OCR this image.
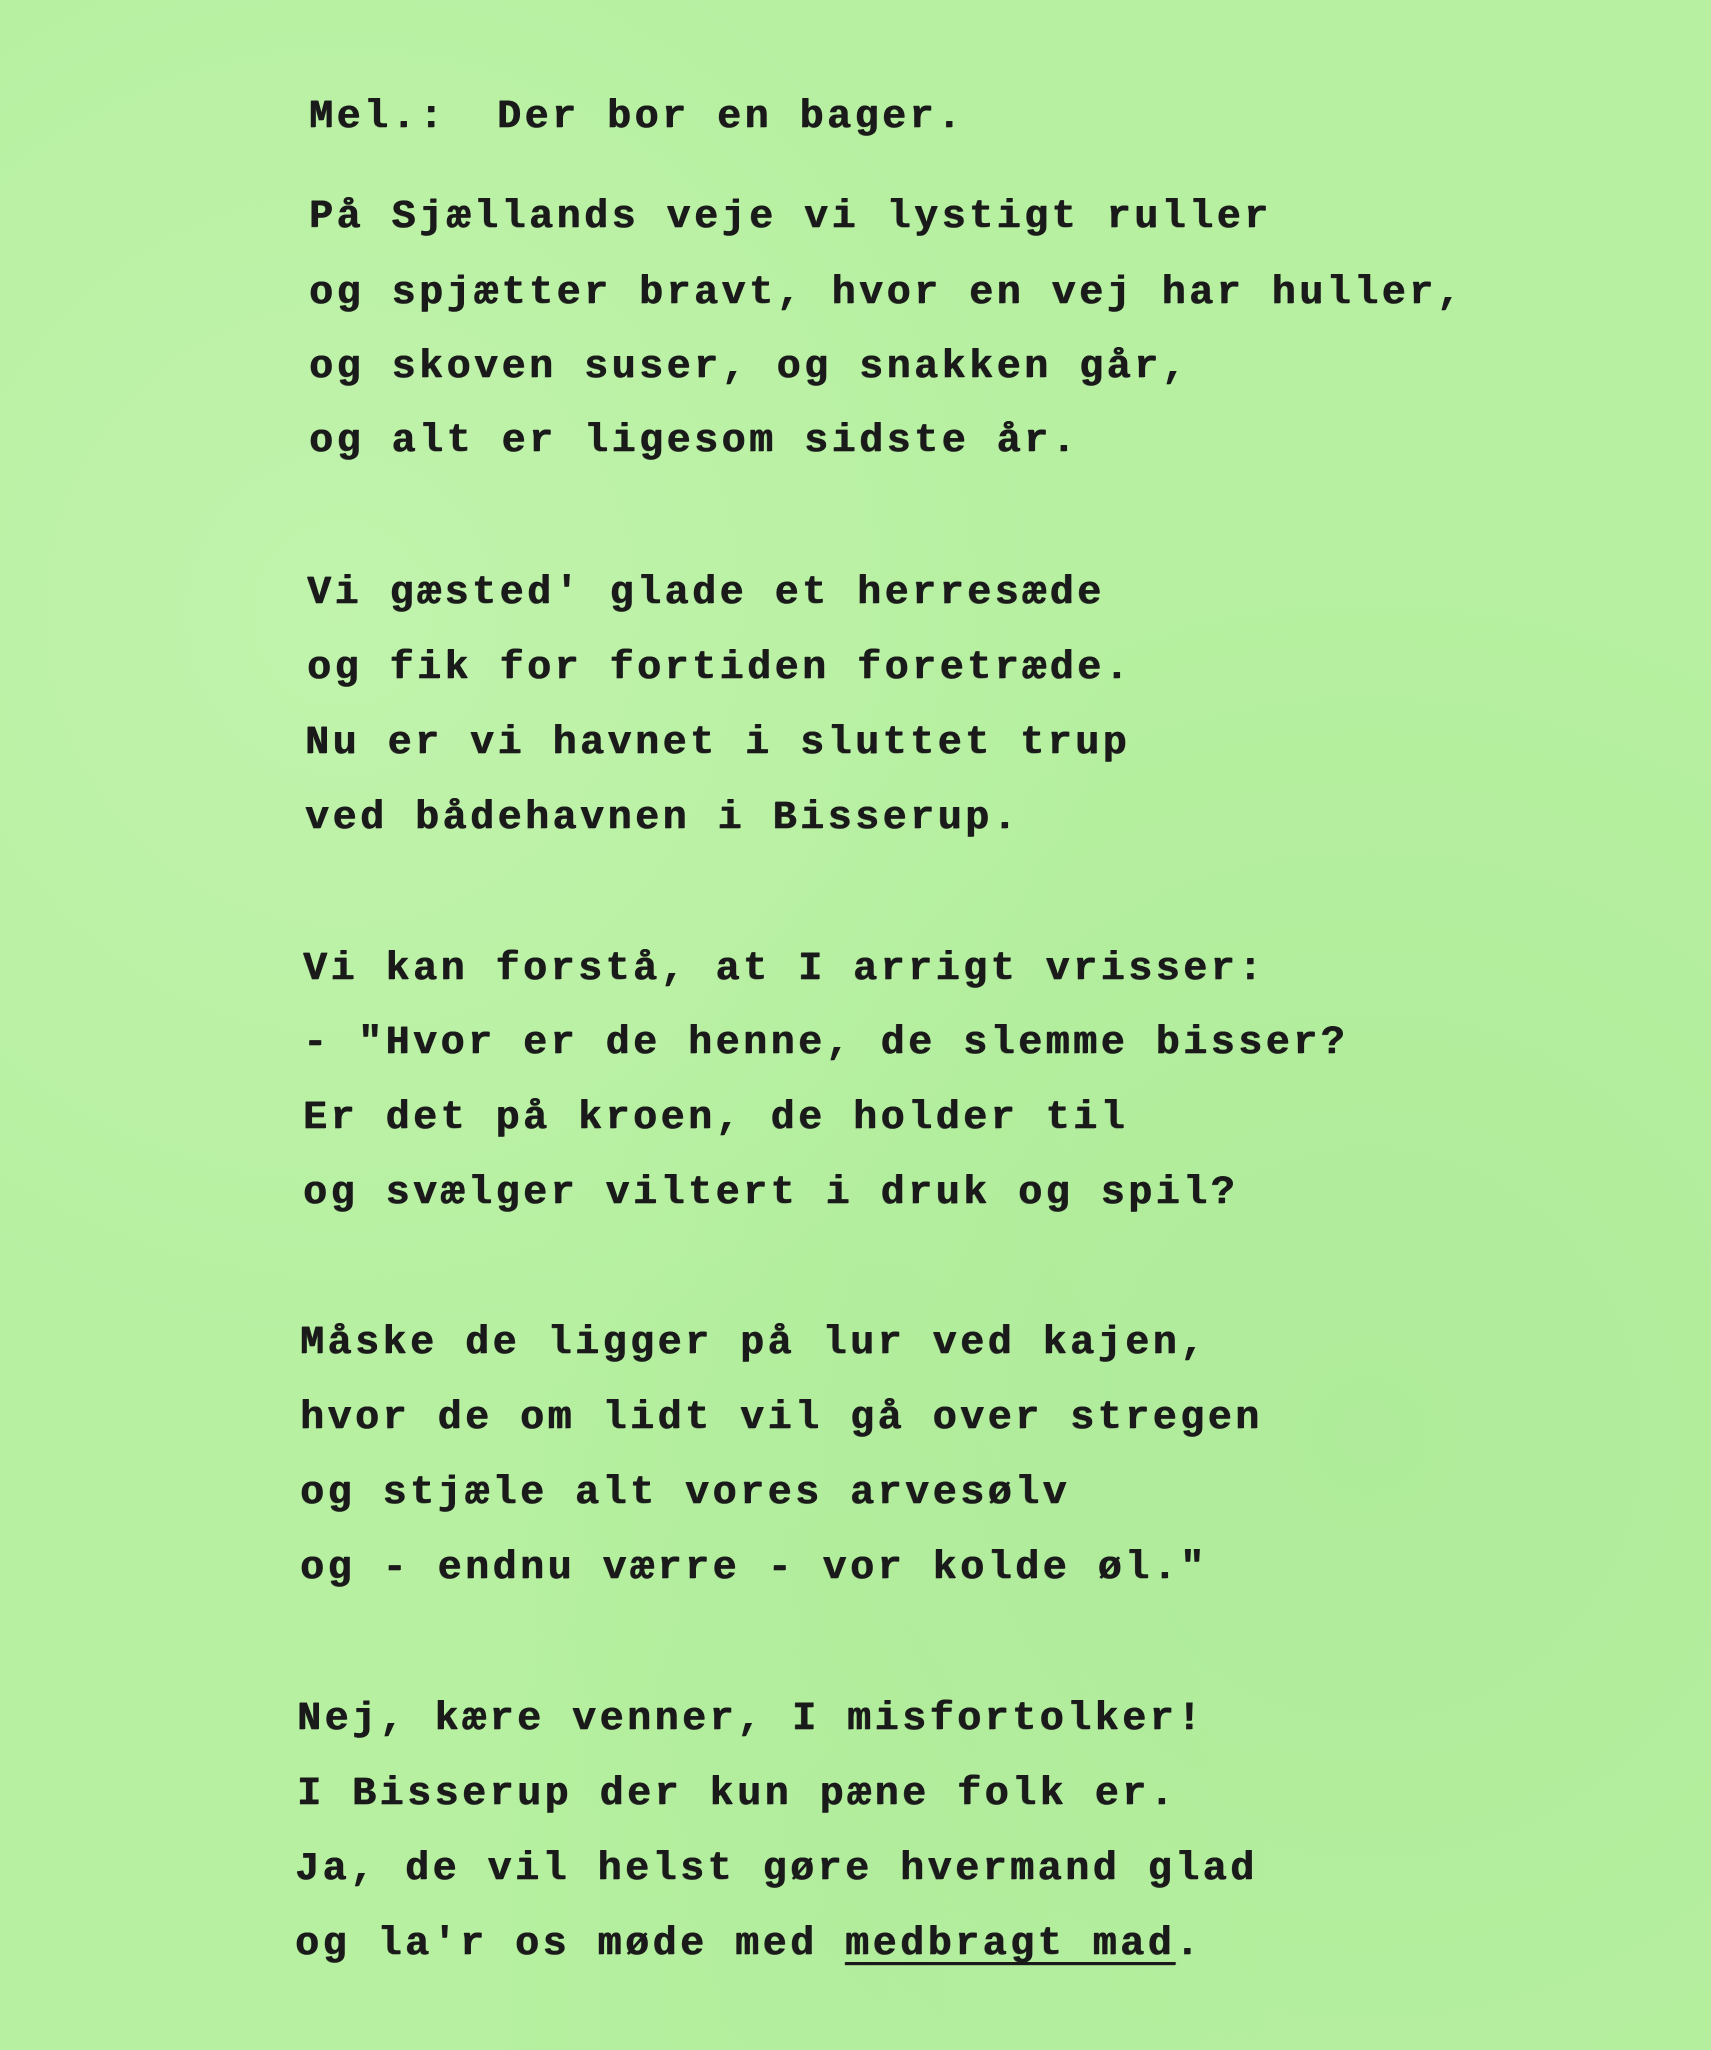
Mel.: Der bor en bager.
På Sjællands veje vi lystigt ruller
og spjætter bravt, hvor en vej har huller,
og skoven suser, og snakken går,
og alt er ligesom sidste år.
Vi gæsted' glade et herresæde
og fik for fortiden foretræde.
Nu er vi havnet i sluttet trup
ved bådehavnen i Bisserup.
Vi kan forstå, at I arrigt vrisser:
- "Hvor er de henne, de slemme bisser?
Er det på kroen, de holder til
og svælger viltert i druk og spil?
Måske de ligger på lur ved kajen,
hvor de om lidt vil gå over stregen
og stjæle alt vores arvesølv
og - endnu værre - vor kolde øl."
Nej, kære venner, I misfortolker!
I Bisserup der kun pæne folk er.
Ja, de vil helst gøre hvermand glad
og la'r os møde med medbragt mad.
